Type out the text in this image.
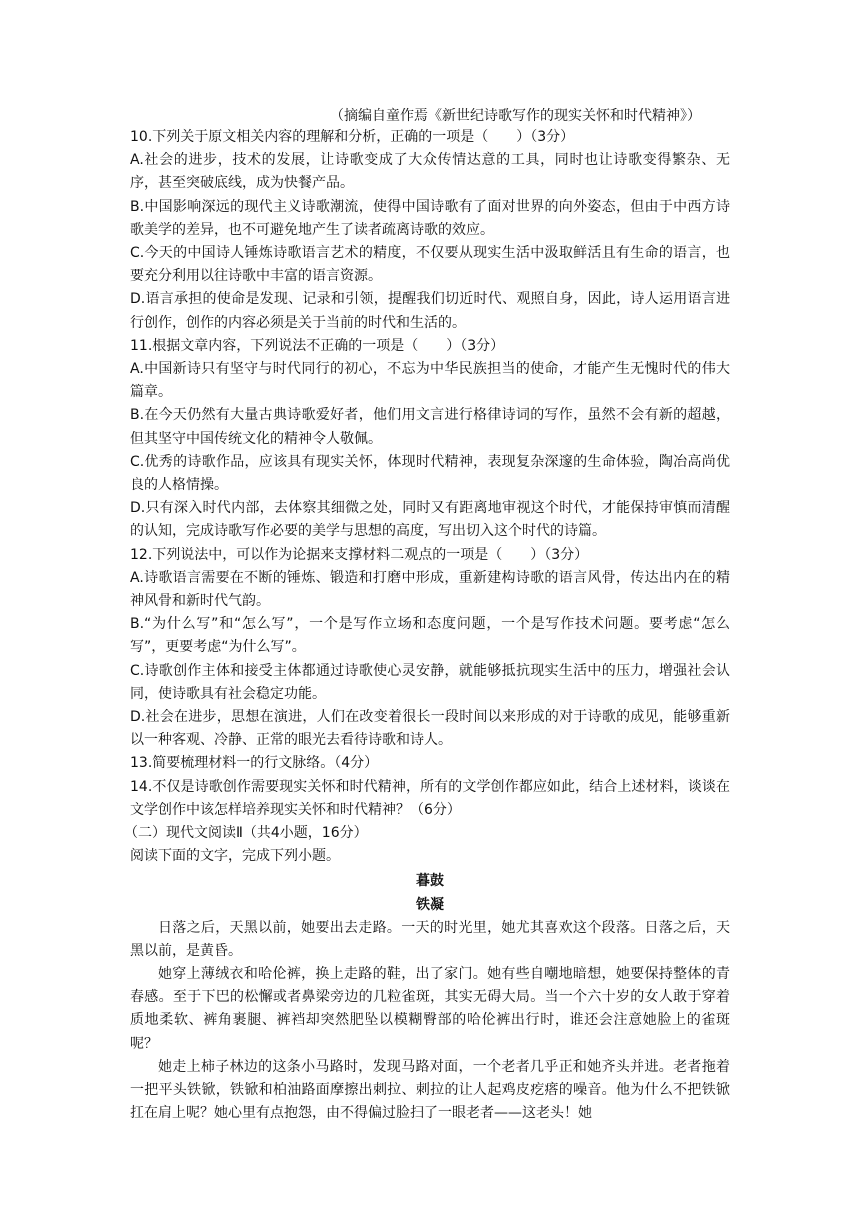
（摘编自童作焉《新世纪诗歌写作的现实关怀和时代精神》）

10.下列关于原文相关内容的理解和分析，正确的一项是（　　）（3分）

A.社会的进步，技术的发展，让诗歌变成了大众传情达意的工具，同时也让诗歌变得繁杂、无序，甚至突破底线，成为快餐产品。

B.中国影响深远的现代主义诗歌潮流，使得中国诗歌有了面对世界的向外姿态，但由于中西方诗歌美学的差异，也不可避免地产生了读者疏离诗歌的效应。

C.今天的中国诗人锤炼诗歌语言艺术的精度，不仅要从现实生活中汲取鲜活且有生命的语言，也要充分利用以往诗歌中丰富的语言资源。

D.语言承担的使命是发现、记录和引领，提醒我们切近时代、观照自身，因此，诗人运用语言进行创作，创作的内容必须是关于当前的时代和生活的。

11.根据文章内容，下列说法不正确的一项是（　　）（3分）

A.中国新诗只有坚守与时代同行的初心，不忘为中华民族担当的使命，才能产生无愧时代的伟大篇章。

B.在今天仍然有大量古典诗歌爱好者，他们用文言进行格律诗词的写作，虽然不会有新的超越，但其坚守中国传统文化的精神令人敬佩。

C.优秀的诗歌作品，应该具有现实关怀，体现时代精神，表现复杂深邃的生命体验，陶冶高尚优良的人格情操。

D.只有深入时代内部，去体察其细微之处，同时又有距离地审视这个时代，才能保持审慎而清醒的认知，完成诗歌写作必要的美学与思想的高度，写出切入这个时代的诗篇。

12.下列说法中，可以作为论据来支撑材料二观点的一项是（　　）（3分）

A.诗歌语言需要在不断的锤炼、锻造和打磨中形成，重新建构诗歌的语言风骨，传达出内在的精神风骨和新时代气韵。

B.“为什么写”和“怎么写”，一个是写作立场和态度问题，一个是写作技术问题。要考虑“怎么写”，更要考虑“为什么写”。

C.诗歌创作主体和接受主体都通过诗歌使心灵安静，就能够抵抗现实生活中的压力，增强社会认同，使诗歌具有社会稳定功能。

D.社会在进步，思想在演进，人们在改变着很长一段时间以来形成的对于诗歌的成见，能够重新以一种客观、冷静、正常的眼光去看待诗歌和诗人。

13.简要梳理材料一的行文脉络。（4分）

14.不仅是诗歌创作需要现实关怀和时代精神，所有的文学创作都应如此，结合上述材料，谈谈在文学创作中该怎样培养现实关怀和时代精神？（6分）

（二）现代文阅读Ⅱ（共4小题，16分）

阅读下面的文字，完成下列小题。

暮鼓
铁凝

日落之后，天黑以前，她要出去走路。一天的时光里，她尤其喜欢这个段落。日落之后，天黑以前，是黄昏。

她穿上薄绒衣和哈伦裤，换上走路的鞋，出了家门。她有些自嘲地暗想，她要保持整体的青春感。至于下巴的松懈或者鼻梁旁边的几粒雀斑，其实无碍大局。当一个六十岁的女人敢于穿着质地柔软、裤角裹腿、裤裆却突然肥坠以模糊臀部的哈伦裤出行时，谁还会注意她脸上的雀斑呢？

她走上柿子林边的这条小马路时，发现马路对面，一个老者几乎正和她齐头并进。老者拖着一把平头铁锨，铁锨和柏油路面摩擦出刺拉、刺拉的让人起鸡皮疙瘩的噪音。他为什么不把铁锨扛在肩上呢？她心里有点抱怨，由不得偏过脸扫了一眼老者——这老头！她
